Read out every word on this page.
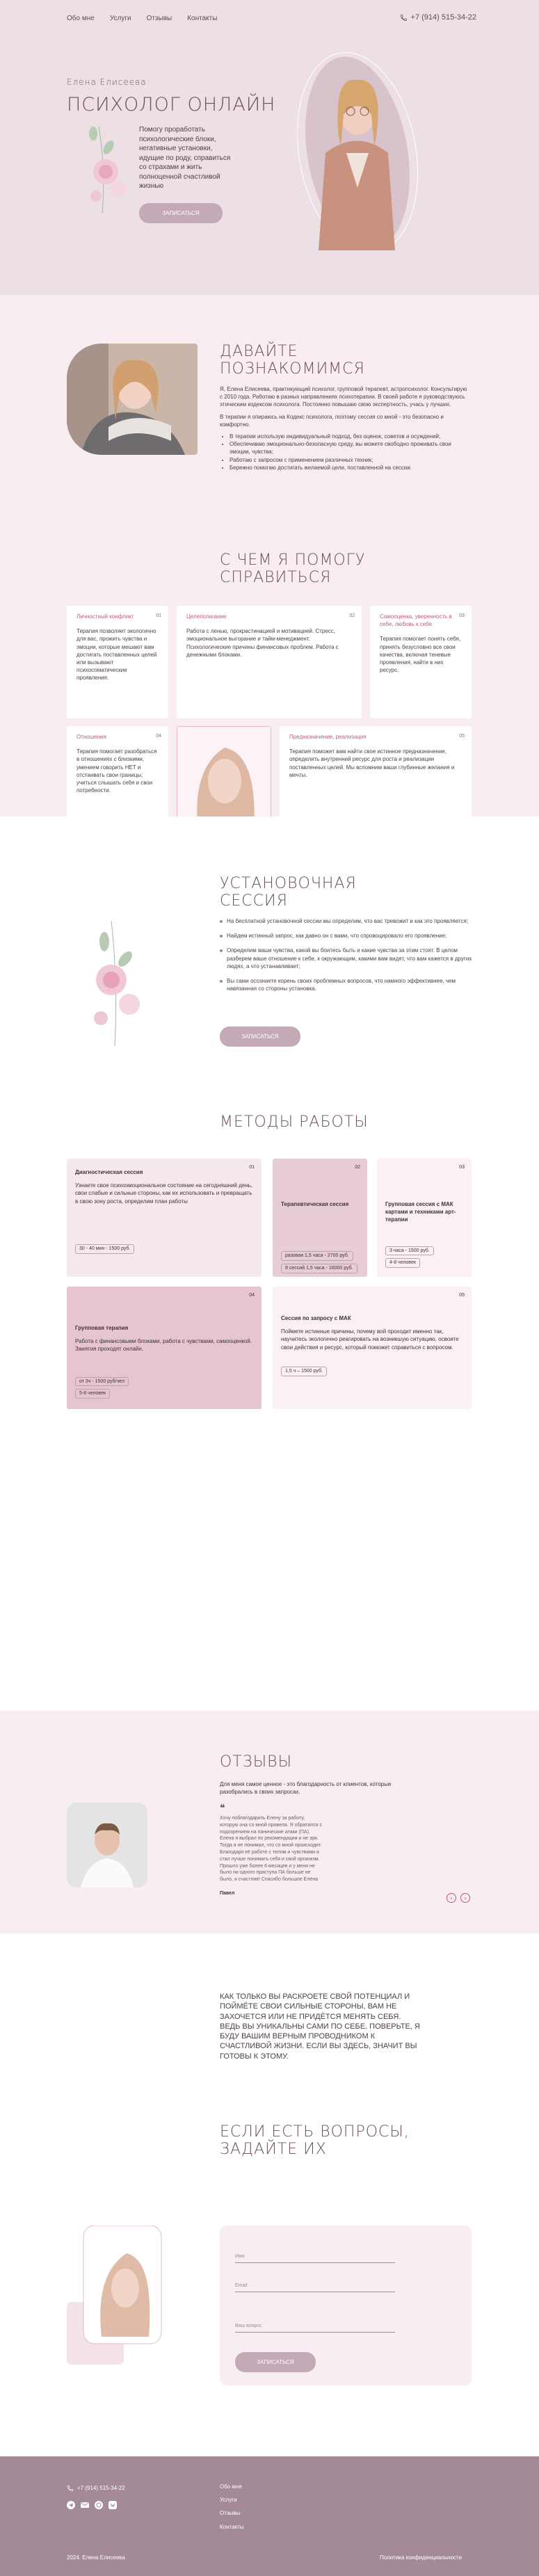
Обо мне Услуги Отзывы Контакты	+7 (914) 515-34-22
Елена Елисеева
ПСИХОЛОГ ОНЛАЙН

Помогу проработать психологические блоки, негативные установки, идущие по роду, справиться со страхами и жить полноценной счастливой жизнью

ЗАПИСАТЬСЯ
ДАВАЙТЕ ПОЗНАКОМИМСЯ

Я, Елена Елисеева, практикующий психолог, групповой терапевт, астропсихолог. Консультирую с 2010 года. Работаю в разных направлениях психотерапии. В своей работе я руководствуюсь этическим кодексом психолога. Постоянно повышаю свою экспертность, учась у лучших.

В терапии я опираюсь на Кодекс психолога, поэтому сессия со мной - это безопасно и комфортно.

• В терапии использую индивидуальный подход, без оценок, советов и осуждений;
• Обеспечиваю эмоционально-безопасную среду, вы можете свободно проживать свои эмоции, чувства;
• Работаю с запросом с применением различных техник;
• Бережно помогаю достигать желаемой цели, поставленной на сессии.
С ЧЕМ Я ПОМОГУ СПРАВИТЬСЯ
01
Личностный конфликт
Терапия позволяет экологично для вас, прожить чувства и эмоции, которые мешают вам достигать поставленных целей или вызывают психосоматические проявления.
02
Целеполагание
Работа с ленью, прокрастинацией и мотивацией. Стресс, эмоциональное выгорание и тайм-менеджмент. Психологические причины финансовых проблем. Работа с денежными блоками.
03
Самооценка, уверенность в себе, любовь к себе
Терапия помогает понять себя, принять безусловно все свои качества, включая теневые проявления, найти в них ресурс.
04
Отношения
Терапия помогает разобраться в отношениях с близкими, умением говорить НЕТ и отстаивать свои границы, учиться слышать себя и свои потребности.
05
Предназначение, реализация
Терапия поможет вам найти свое истинное предназначение, определить внутренний ресурс для роста и реализации поставленных целей. Мы вспомним ваши глубинные желания и мечты.
УСТАНОВОЧНАЯ СЕССИЯ
На бесплатной установочной сессии мы определим, что вас тревожит и как это проявляется;
Найдем истинный запрос, как давно он с вами, что спровоцировало его проявление;
Определим ваши чувства, какой вы боитесь быть и какие чувства за этим стоят. В целом разберем ваше отношение к себе, к окружающим, какими вам видят, что вам кажется в других людях, а что устанавливает;
Вы сами осознаете корень своих проблемных вопросов, что намного эффективнее, чем навязанная со стороны установка.
ЗАПИСАТЬСЯ
МЕТОДЫ РАБОТЫ
01
Диагностическая сессия
Узнаете свое психоэмоциональное состояние на сегодняшний день, свои слабые и сильные стороны, как их использовать и превращать в свою зону роста, определим план работы
30 - 40 мин - 1500 руб.
02
Терапевтическая сессия
разовая 1,5 часа - 2700 руб.
8 сессий 1,5 часа - 16000 руб.
03
Групповая сессия с МАК картами и техниками арт-терапии
3 часа - 1500 руб.
4-8 человек
04
Групповая терапия
Работа с финансовыми блоками, работа с чувствами, самооценкой. Занятия проходят онлайн.
от 3ч - 1500 руб/чел
5-8 человек
05
Сессия по запросу с МАК
Поймете истинные причины, почему вой проходит именно так, научитесь экологично реагировать на возникшую ситуацию, освоите свои действия и ресурс, который поможет справиться с вопросом.
1,5 ч – 1500 руб.
ОТЗЫВЫ

Для меня самое ценное - это благодарность от клиентов, которые разобрались в своих запросах.

❝

Хочу поблагодарить Елену за работу, которую она со мной провела. Я обратился с подозрением на панические атаки (ПА). Елена я выбрал по рекомендации и не зря. Тогда я не понимал, что со мной происходит. Благодаря её работе с телом и чувствами я стал лучше понимать себя и свой организм. Прошло уже более 6 месяцев и у меня не было ни одного приступа ПА больше не было, я счастлив! Спасибо большое Елена

Павел

‹	›

КАК ТОЛЬКО ВЫ РАСКРОЕТЕ СВОЙ ПОТЕНЦИАЛ И ПОЙМЁТЕ СВОИ СИЛЬНЫЕ СТОРОНЫ, ВАМ НЕ ЗАХОЧЕТСЯ ИЛИ НЕ ПРИДЁТСЯ МЕНЯТЬ СЕБЯ. ВЕДЬ ВЫ УНИКАЛЬНЫ САМИ ПО СЕБЕ. ПОВЕРЬТЕ, Я БУДУ ВАШИМ ВЕРНЫМ ПРОВОДНИКОМ К СЧАСТЛИВОЙ ЖИЗНИ. ЕСЛИ ВЫ ЗДЕСЬ, ЗНАЧИТ ВЫ ГОТОВЫ К ЭТОМУ.

ЕСЛИ ЕСТЬ ВОПРОСЫ, ЗАДАЙТЕ ИХ
Имя
Email
Ваш вопрос
ЗАПИСАТЬСЯ
+7 (914) 515-34-22	Обо мне
Услуги
Отзывы
Контакты
2024. Елена Елисеева	Политика конфиденциальности
